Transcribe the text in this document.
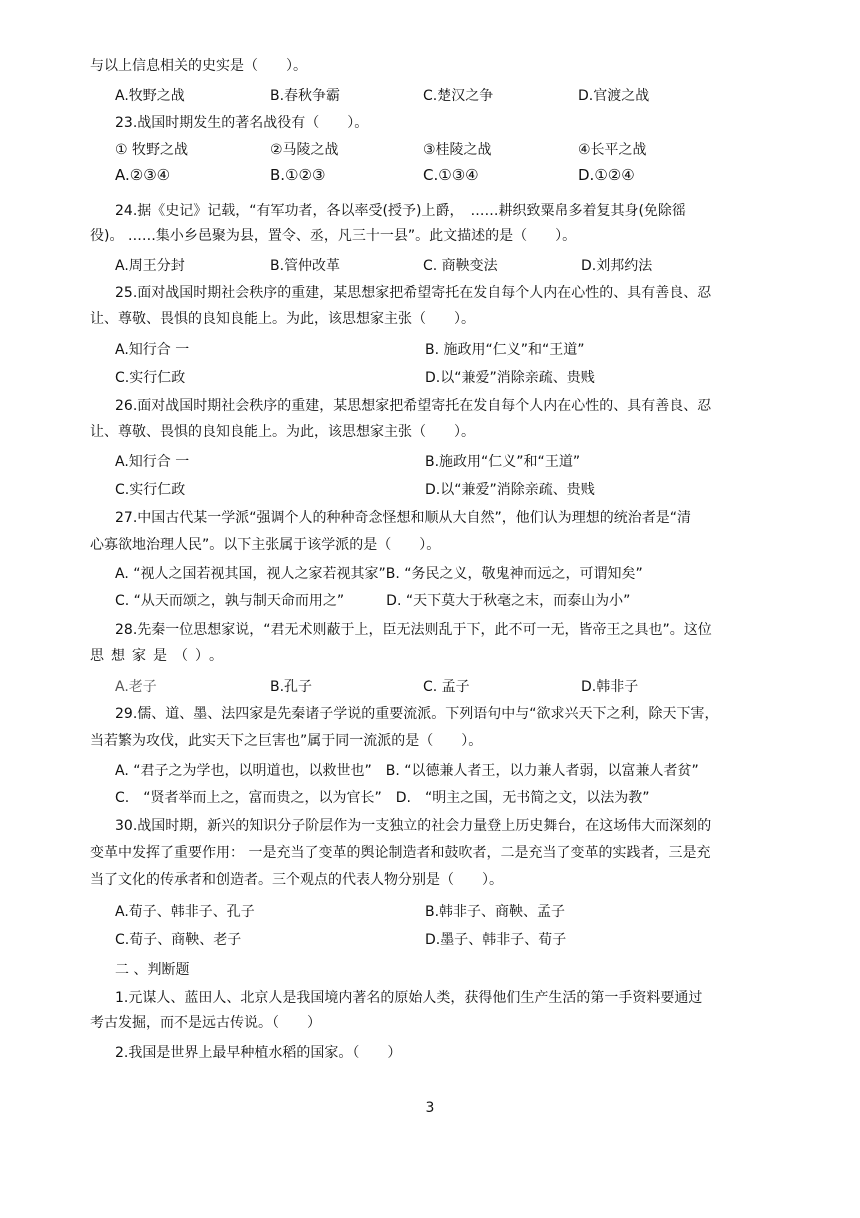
与以上信息相关的史实是（　　）。
A.牧野之战	B.春秋争霸	C.楚汉之争	D.官渡之战
23.战国时期发生的著名战役有（　　）。
① 牧野之战	②马陵之战	③桂陵之战	④长平之战
A.②③④	B.①②③	C.①③④	D.①②④
24.据《史记》记载，“有军功者，各以率受(授予)上爵，　……耕织致粟帛多着复其身(免除徭
役)。 ……集小乡邑聚为县，置令、丞，凡三十一县”。此文描述的是（　　）。
A.周王分封	B.管仲改革	C. 商鞅变法	D.刘邦约法
25.面对战国时期社会秩序的重建，某思想家把希望寄托在发自每个人内在心性的、具有善良、忍
让、尊敬、畏惧的良知良能上。为此，该思想家主张（　　）。
A.知行合 一	B. 施政用“仁义”和“王道”
C.实行仁政	D.以“兼爱”消除亲疏、贵贱
26.面对战国时期社会秩序的重建，某思想家把希望寄托在发自每个人内在心性的、具有善良、忍
让、尊敬、畏惧的良知良能上。为此，该思想家主张（　　）。
A.知行合 一	B.施政用“仁义”和“王道”
C.实行仁政	D.以“兼爱”消除亲疏、贵贱
27.中国古代某一学派“强调个人的种种奇念怪想和顺从大自然”，他们认为理想的统治者是“清
心寡欲地治理人民”。以下主张属于该学派的是（　　）。
A. “视人之国若视其国，视人之家若视其家”B. “务民之义，敬鬼神而远之，可谓知矣”
C. “从天而颂之，孰与制天命而用之”　　　D. “天下莫大于秋毫之末，而泰山为小”
28.先秦一位思想家说，“君无术则蔽于上，臣无法则乱于下，此不可一无，皆帝王之具也”。这位
思想家是（）。
A.老子	B.孔子	C. 孟子	D.韩非子
29.儒、道、墨、法四家是先秦诸子学说的重要流派。下列语句中与“欲求兴天下之利，除天下害，
当若繁为攻伐，此实天下之巨害也”属于同一流派的是（　　）。
A. “君子之为学也，以明道也，以救世也”　B. “以德兼人者王，以力兼人者弱，以富兼人者贫”
C.　“贤者举而上之，富而贵之，以为官长”　D.　“明主之国，无书简之文，以法为教”
30.战国时期，新兴的知识分子阶层作为一支独立的社会力量登上历史舞台，在这场伟大而深刻的
变革中发挥了重要作用： 一是充当了变革的舆论制造者和鼓吹者，二是充当了变革的实践者，三是充
当了文化的传承者和创造者。三个观点的代表人物分别是（　　）。
A.荀子、韩非子、孔子	B.韩非子、商鞅、孟子
C.荀子、商鞅、老子	D.墨子、韩非子、荀子
二 、判断题
1.元谋人、蓝田人、北京人是我国境内著名的原始人类，获得他们生产生活的第一手资料要通过
考古发掘，而不是远古传说。（　　）
2.我国是世界上最早种植水稻的国家。（　　）
3
